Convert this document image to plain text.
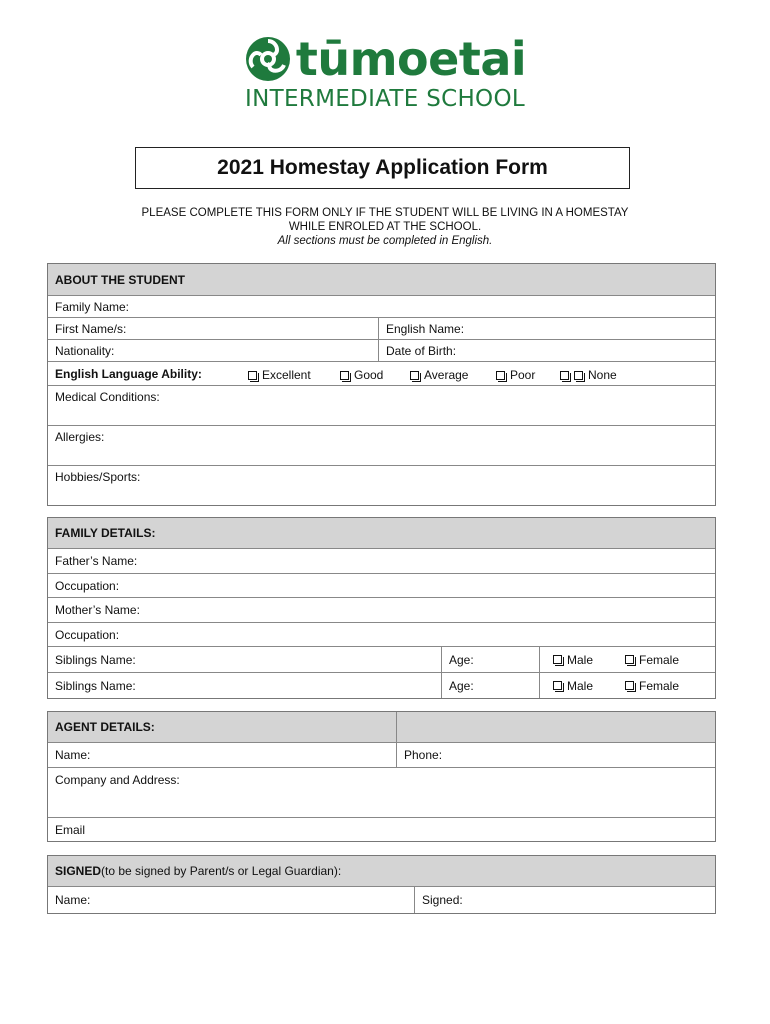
tūmoetai
INTERMEDIATE SCHOOL
2021 Homestay Application Form
PLEASE COMPLETE THIS FORM ONLY IF THE STUDENT WILL BE LIVING IN A HOMESTAY
WHILE ENROLED AT THE SCHOOL.
All sections must be completed in English.
ABOUT THE STUDENT
Family Name:
First Name/s:	English Name:
Nationality:	Date of Birth:
English Language Ability:	Excellent	Good	Average	Poor	None
Medical Conditions:
Allergies:
Hobbies/Sports:
FAMILY DETAILS:
Father’s Name:
Occupation:
Mother’s Name:
Occupation:
Siblings Name:	Age:	Male	Female
Siblings Name:	Age:	Male	Female
AGENT DETAILS:
Name:	Phone:
Company and Address:
Email
SIGNED (to be signed by Parent/s or Legal Guardian):
Name:	Signed:
